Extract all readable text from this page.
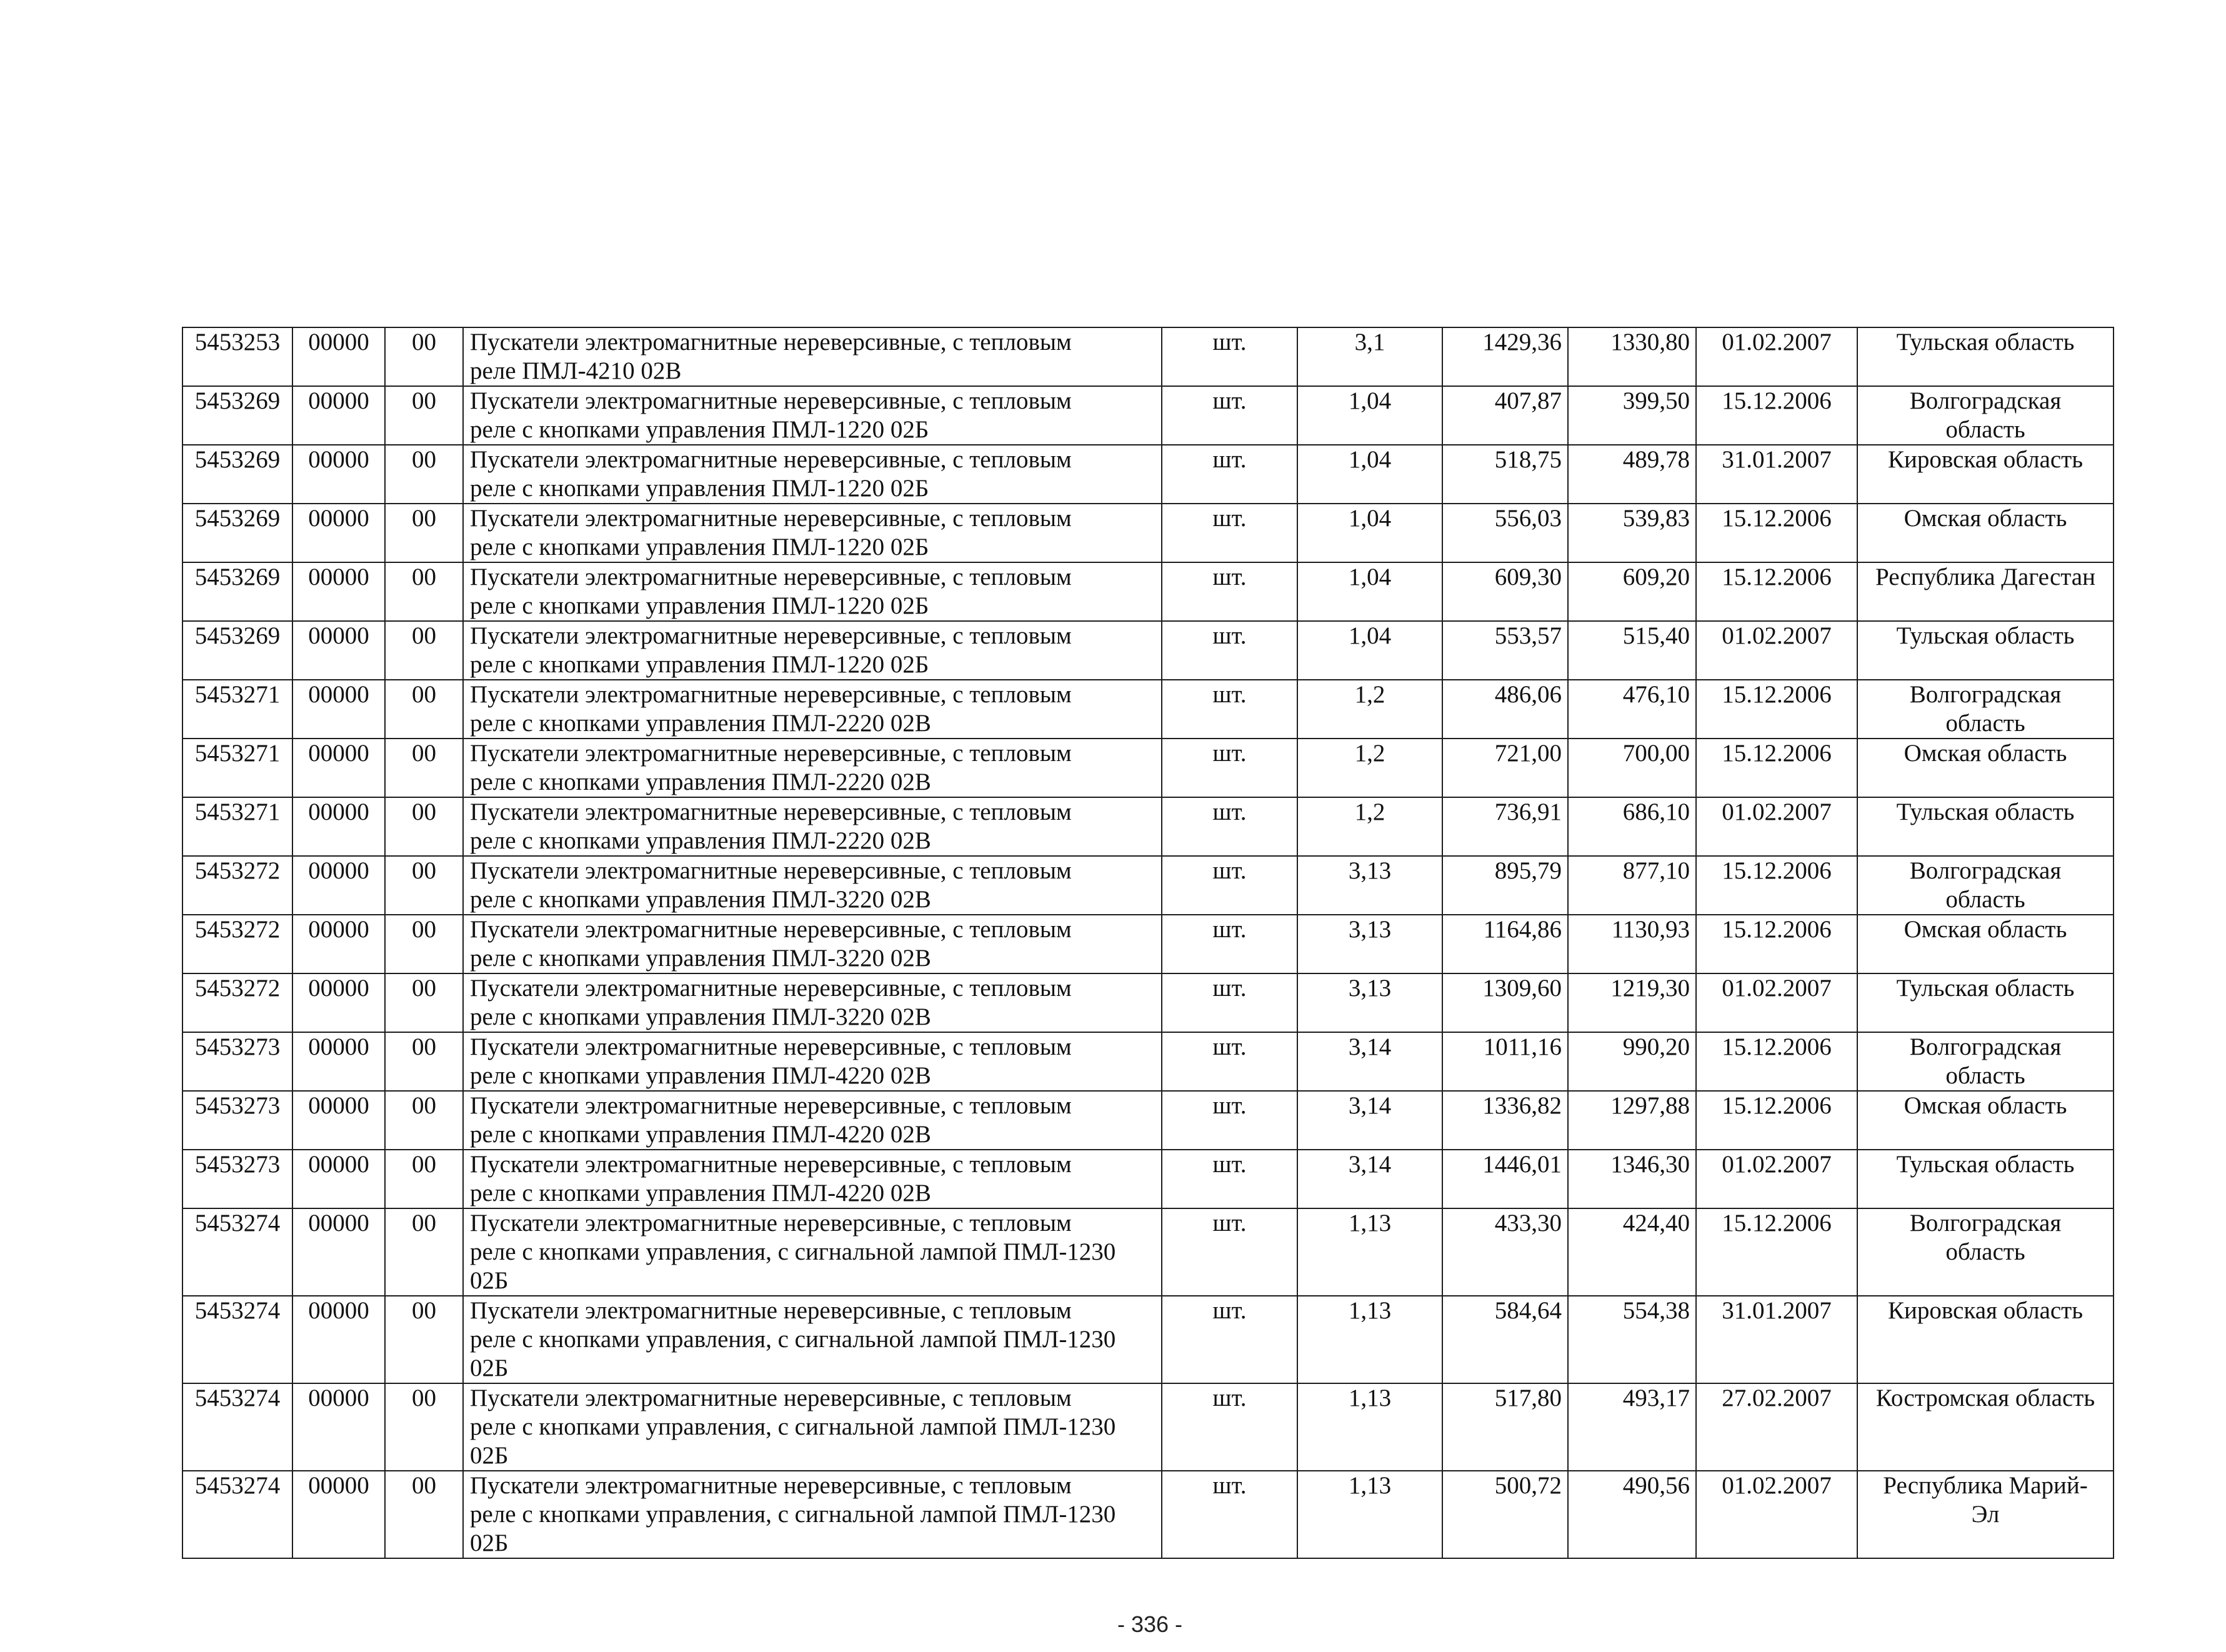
5453253	00000	00	Пускатели электромагнитные нереверсивные, с тепловым
реле ПМЛ-4210 02В	шт.	3,1	1429,36	1330,80	01.02.2007	Тульская область

5453269	00000	00	Пускатели электромагнитные нереверсивные, с тепловым
реле с кнопками управления ПМЛ-1220 02Б	шт.	1,04	407,87	399,50	15.12.2006	Волгоградская
область

5453269	00000	00	Пускатели электромагнитные нереверсивные, с тепловым
реле с кнопками управления ПМЛ-1220 02Б	шт.	1,04	518,75	489,78	31.01.2007	Кировская область

5453269	00000	00	Пускатели электромагнитные нереверсивные, с тепловым
реле с кнопками управления ПМЛ-1220 02Б	шт.	1,04	556,03	539,83	15.12.2006	Омская область

5453269	00000	00	Пускатели электромагнитные нереверсивные, с тепловым
реле с кнопками управления ПМЛ-1220 02Б	шт.	1,04	609,30	609,20	15.12.2006	Республика Дагестан

5453269	00000	00	Пускатели электромагнитные нереверсивные, с тепловым
реле с кнопками управления ПМЛ-1220 02Б	шт.	1,04	553,57	515,40	01.02.2007	Тульская область

5453271	00000	00	Пускатели электромагнитные нереверсивные, с тепловым
реле с кнопками управления ПМЛ-2220 02В	шт.	1,2	486,06	476,10	15.12.2006	Волгоградская
область

5453271	00000	00	Пускатели электромагнитные нереверсивные, с тепловым
реле с кнопками управления ПМЛ-2220 02В	шт.	1,2	721,00	700,00	15.12.2006	Омская область

5453271	00000	00	Пускатели электромагнитные нереверсивные, с тепловым
реле с кнопками управления ПМЛ-2220 02В	шт.	1,2	736,91	686,10	01.02.2007	Тульская область

5453272	00000	00	Пускатели электромагнитные нереверсивные, с тепловым
реле с кнопками управления ПМЛ-3220 02В	шт.	3,13	895,79	877,10	15.12.2006	Волгоградская
область

5453272	00000	00	Пускатели электромагнитные нереверсивные, с тепловым
реле с кнопками управления ПМЛ-3220 02В	шт.	3,13	1164,86	1130,93	15.12.2006	Омская область

5453272	00000	00	Пускатели электромагнитные нереверсивные, с тепловым
реле с кнопками управления ПМЛ-3220 02В	шт.	3,13	1309,60	1219,30	01.02.2007	Тульская область

5453273	00000	00	Пускатели электромагнитные нереверсивные, с тепловым
реле с кнопками управления ПМЛ-4220 02В	шт.	3,14	1011,16	990,20	15.12.2006	Волгоградская
область

5453273	00000	00	Пускатели электромагнитные нереверсивные, с тепловым
реле с кнопками управления ПМЛ-4220 02В	шт.	3,14	1336,82	1297,88	15.12.2006	Омская область

5453273	00000	00	Пускатели электромагнитные нереверсивные, с тепловым
реле с кнопками управления ПМЛ-4220 02В	шт.	3,14	1446,01	1346,30	01.02.2007	Тульская область

5453274	00000	00	Пускатели электромагнитные нереверсивные, с тепловым
реле с кнопками управления, с сигнальной лампой ПМЛ-1230
02Б	шт.	1,13	433,30	424,40	15.12.2006	Волгоградская
область

5453274	00000	00	Пускатели электромагнитные нереверсивные, с тепловым
реле с кнопками управления, с сигнальной лампой ПМЛ-1230
02Б	шт.	1,13	584,64	554,38	31.01.2007	Кировская область

5453274	00000	00	Пускатели электромагнитные нереверсивные, с тепловым
реле с кнопками управления, с сигнальной лампой ПМЛ-1230
02Б	шт.	1,13	517,80	493,17	27.02.2007	Костромская область

5453274	00000	00	Пускатели электромагнитные нереверсивные, с тепловым
реле с кнопками управления, с сигнальной лампой ПМЛ-1230
02Б	шт.	1,13	500,72	490,56	01.02.2007	Республика Марий-
Эл
- 336 -
